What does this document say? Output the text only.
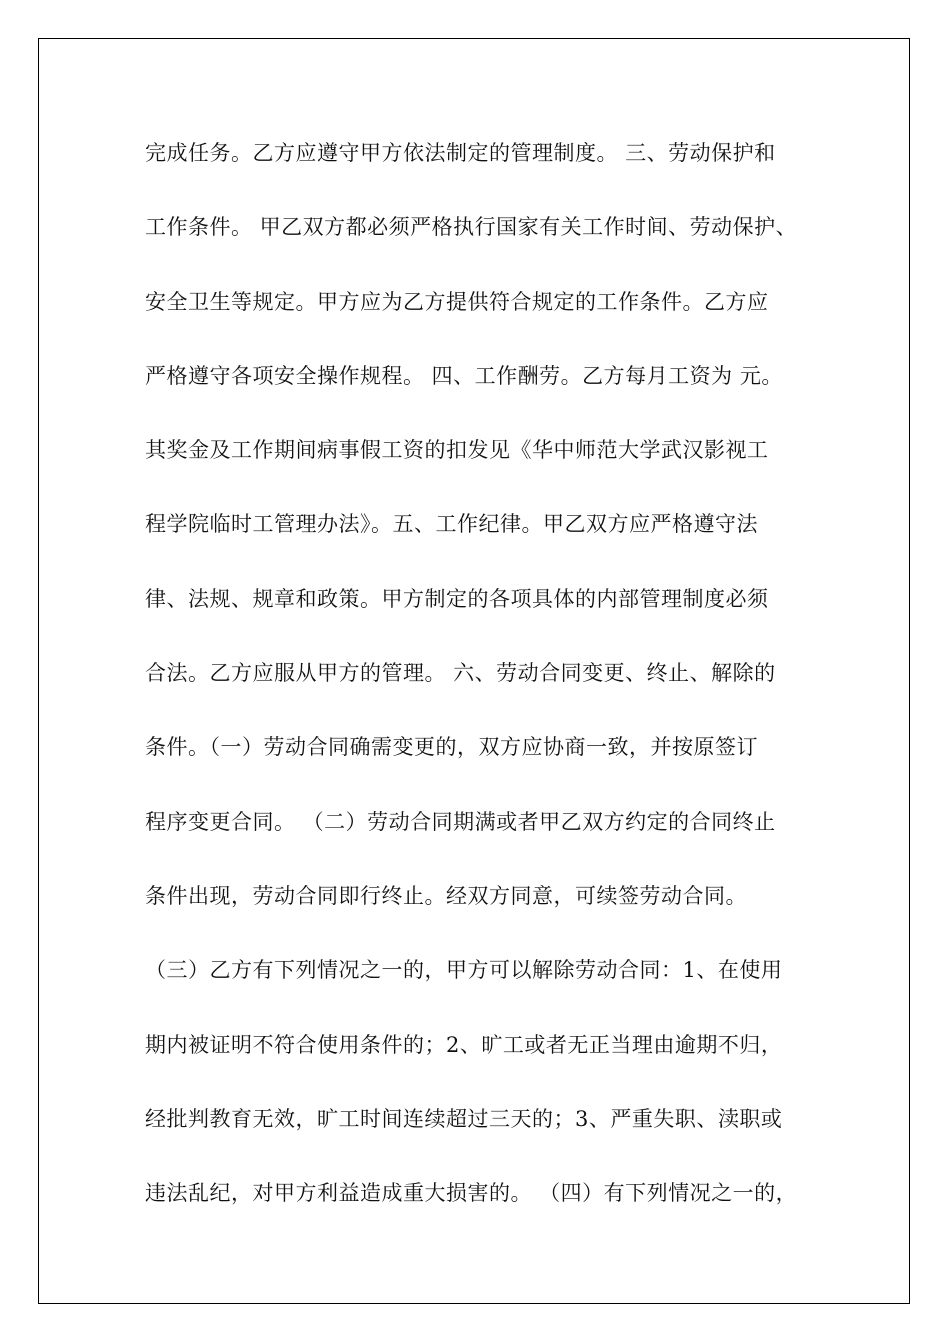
完成任务。乙方应遵守甲方依法制定的管理制度。 三、劳动保护和
工作条件。 甲乙双方都必须严格执行国家有关工作时间、劳动保护、
安全卫生等规定。甲方应为乙方提供符合规定的工作条件。乙方应
严格遵守各项安全操作规程。 四、工作酬劳。乙方每月工资为 元。
其奖金及工作期间病事假工资的扣发见《华中师范大学武汉影视工
程学院临时工管理办法》。五、工作纪律。甲乙双方应严格遵守法
律、法规、规章和政策。甲方制定的各项具体的内部管理制度必须
合法。乙方应服从甲方的管理。 六、劳动合同变更、终止、解除的
条件。（一）劳动合同确需变更的，双方应协商一致，并按原签订
程序变更合同。 （二）劳动合同期满或者甲乙双方约定的合同终止
条件出现，劳动合同即行终止。经双方同意，可续签劳动合同。
（三）乙方有下列情况之一的，甲方可以解除劳动合同：1、在使用
期内被证明不符合使用条件的；2、旷工或者无正当理由逾期不归，
经批判教育无效，旷工时间连续超过三天的；3、严重失职、渎职或
违法乱纪，对甲方利益造成重大损害的。 （四）有下列情况之一的，
